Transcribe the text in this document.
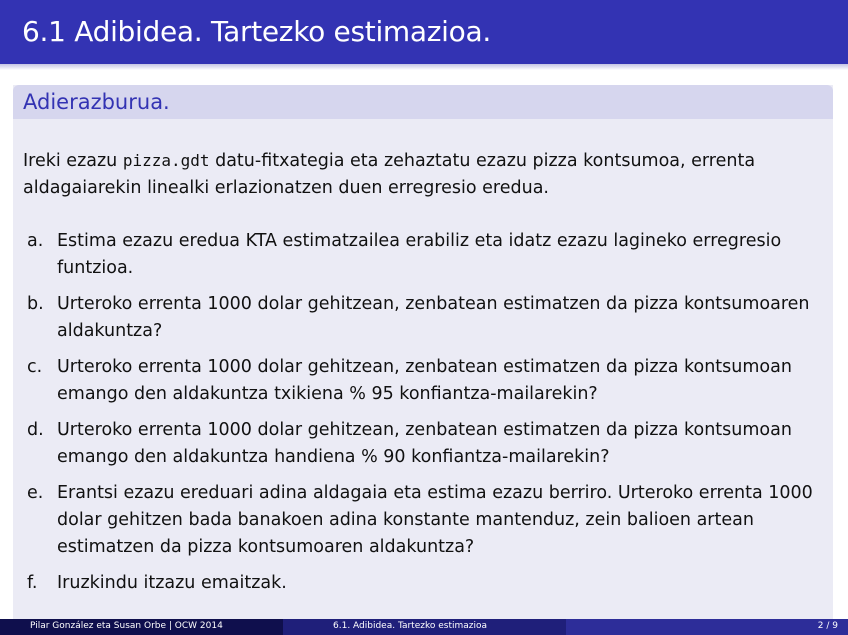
6.1 Adibidea. Tartezko estimazioa.
Adierazburua.

Ireki ezazu pizza.gdt datu-fitxategia eta zehaztatu ezazu pizza kontsumoa, errenta aldagaiarekin linealki erlazionatzen duen erregresio eredua.

a. Estima ezazu eredua KTA estimatzailea erabiliz eta idatz ezazu lagineko erregresio funtzioa.
b. Urteroko errenta 1000 dolar gehitzean, zenbatean estimatzen da pizza kontsumoaren aldakuntza?
c. Urteroko errenta 1000 dolar gehitzean, zenbatean estimatzen da pizza kontsumoan emango den aldakuntza txikiena % 95 konfiantza-mailarekin?
d. Urteroko errenta 1000 dolar gehitzean, zenbatean estimatzen da pizza kontsumoan emango den aldakuntza handiena % 90 konfiantza-mailarekin?
e. Erantsi ezazu ereduari adina aldagaia eta estima ezazu berriro. Urteroko errenta 1000 dolar gehitzen bada banakoen adina konstante mantenduz, zein balioen artean estimatzen da pizza kontsumoaren aldakuntza?
f. Iruzkindu itzazu emaitzak.
Pilar González eta Susan Orbe | OCW 2014	6.1. Adibidea. Tartezko estimazioa	2 / 9
